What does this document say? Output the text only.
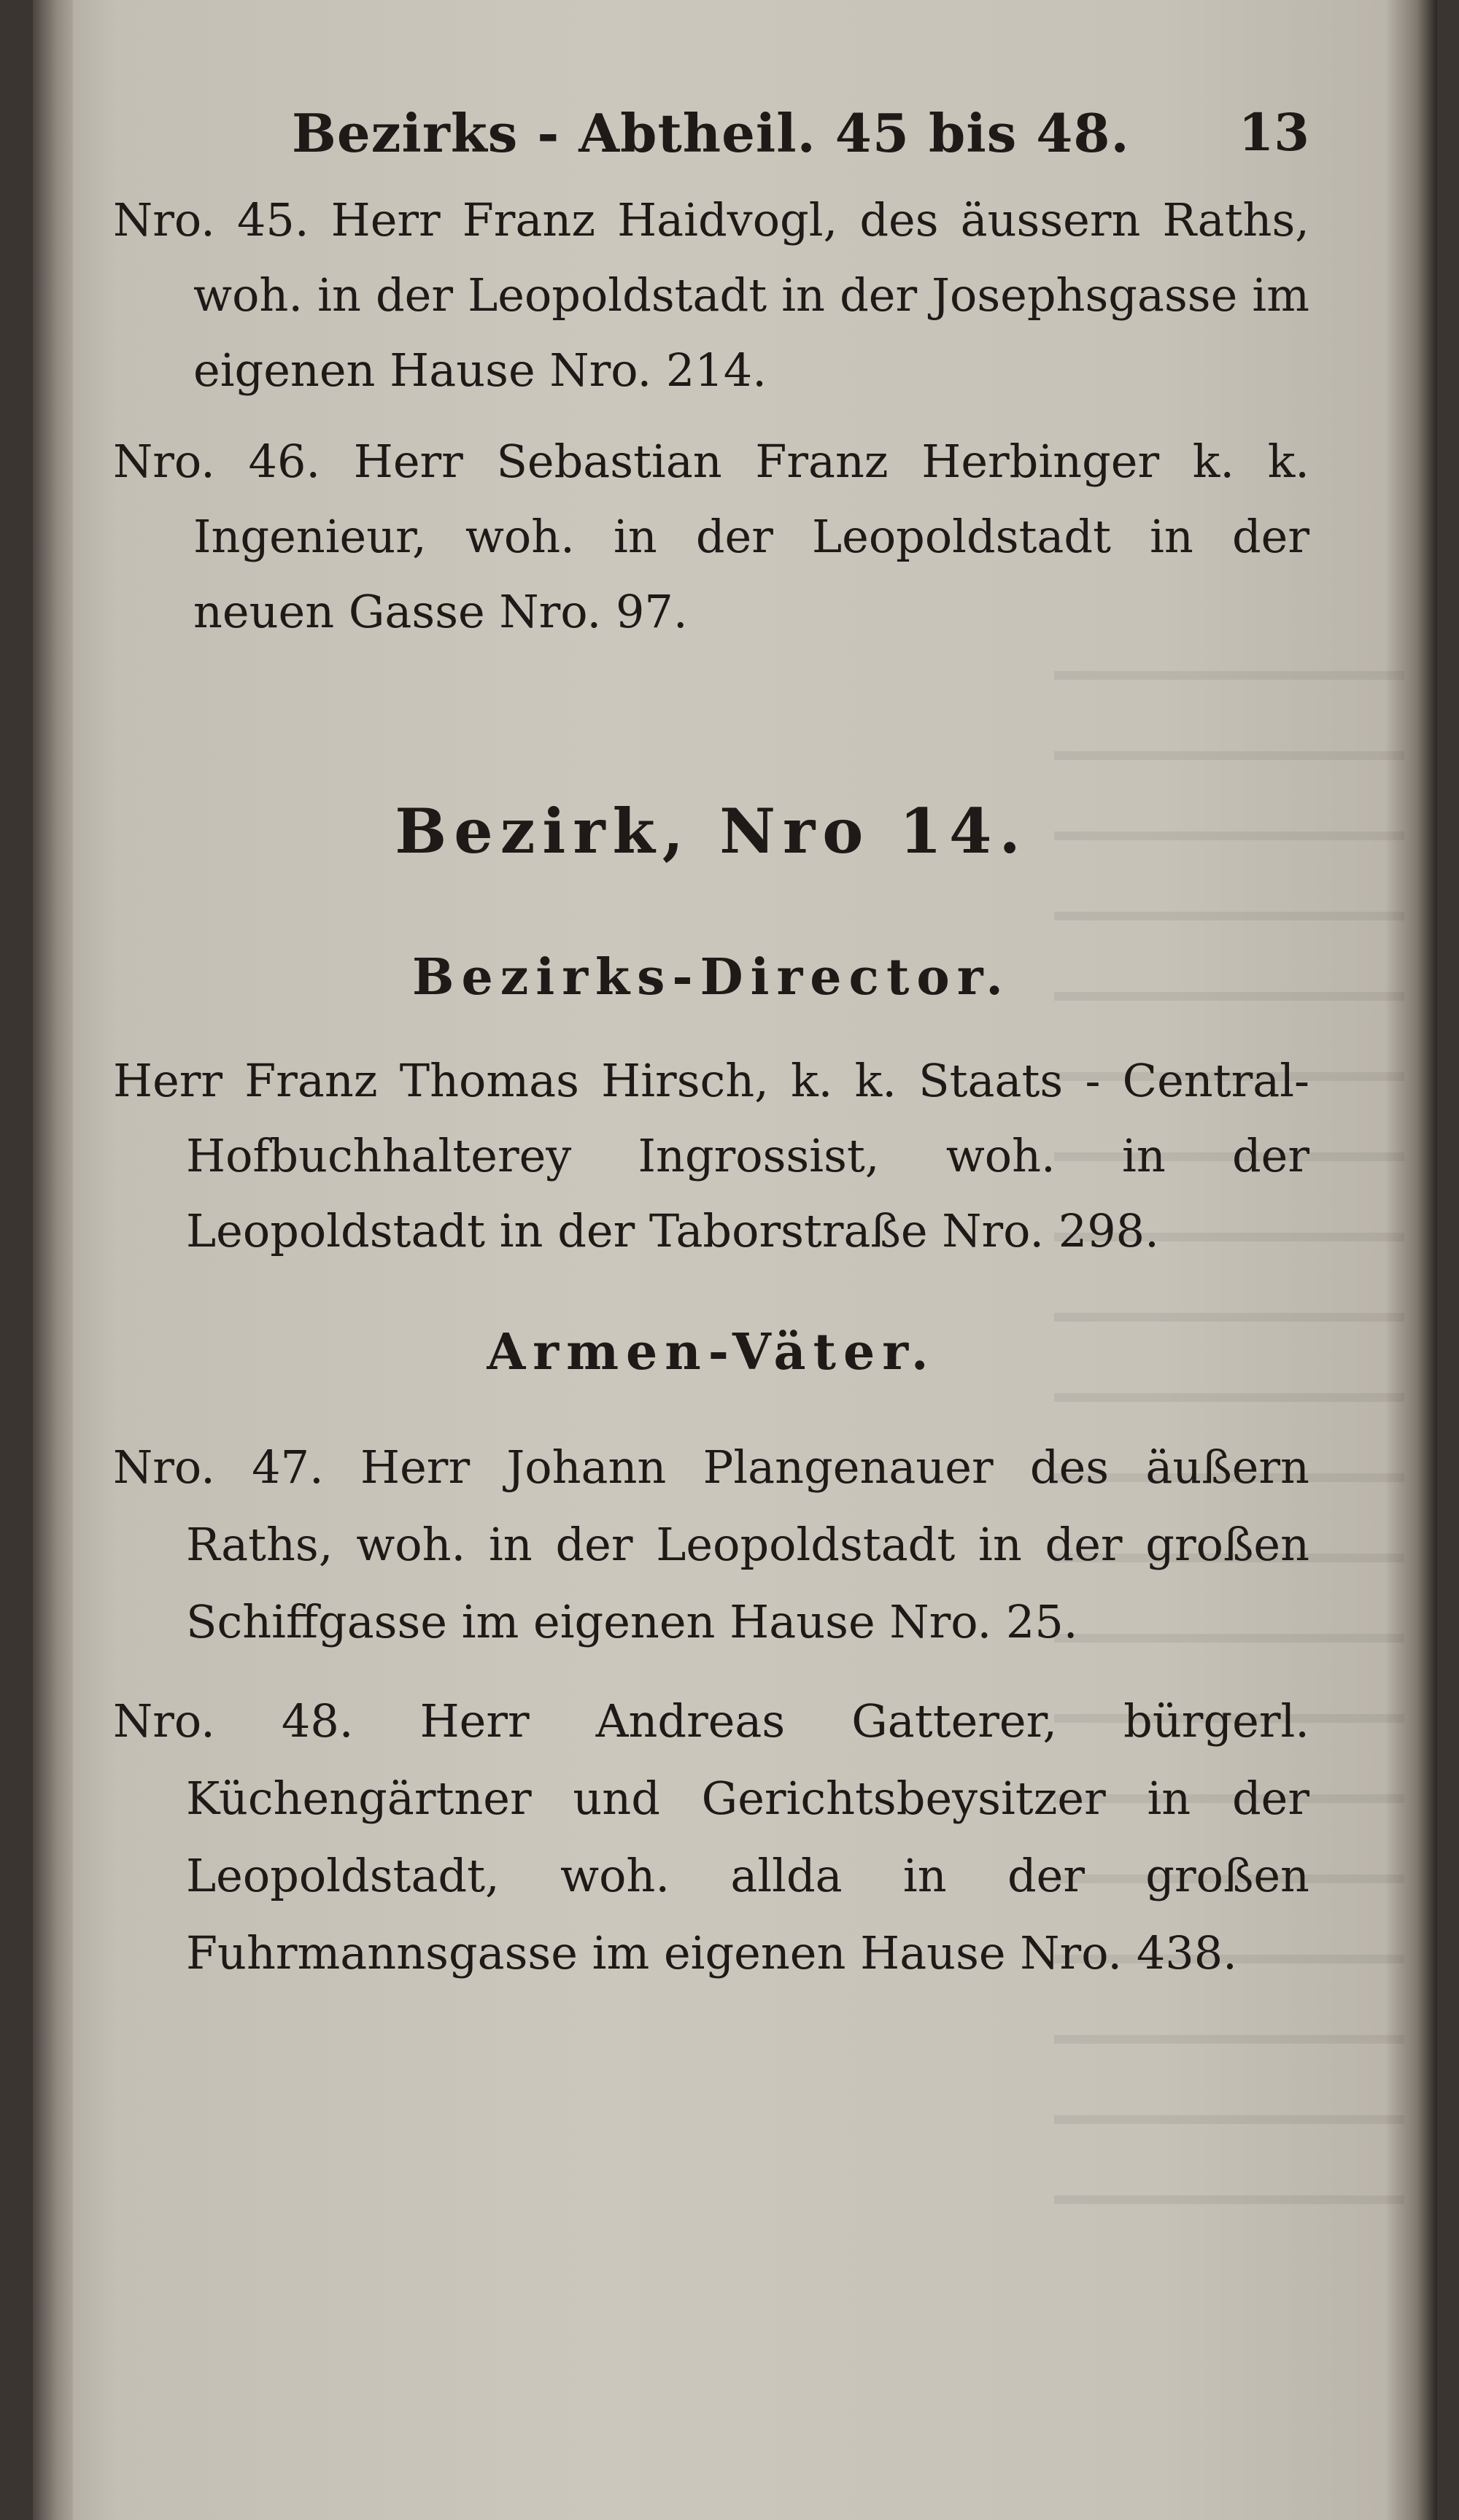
Bezirks - Abtheil. 45 bis 48. 13

Nro. 45. Herr Franz Haidvogl, des äussern Raths, woh. in der Leopoldstadt in der Josephsgasse im eigenen Hause Nro. 214.

Nro. 46. Herr Sebastian Franz Herbinger k. k. Ingenieur, woh. in der Leopoldstadt in der neuen Gasse Nro. 97.

Bezirk, Nro 14.
Bezirks-Director.

Herr Franz Thomas Hirsch, k. k. Staats - Central-Hofbuchhalterey Ingrossist, woh. in der Leopoldstadt in der Taborstraße Nro. 298.

Armen-Väter.

Nro. 47. Herr Johann Plangenauer des äußern Raths, woh. in der Leopoldstadt in der großen Schiffgasse im eigenen Hause Nro. 25.

Nro. 48. Herr Andreas Gatterer, bürgerl. Küchengärtner und Gerichtsbeysitzer in der Leopoldstadt, woh. allda in der großen Fuhrmannsgasse im eigenen Hause Nro. 438.
